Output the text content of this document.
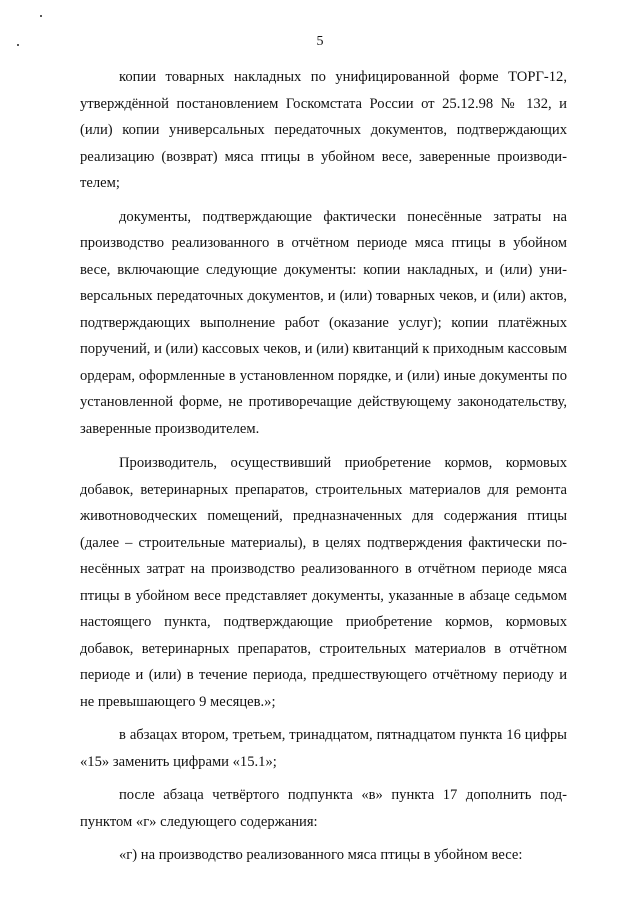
5

копии товарных накладных по унифицированной форме ТОРГ-12, утверждённой постановлением Госкомстата России от 25.12.98 № 132, и (или) копии универсальных передаточных документов, подтверждающих реализацию (возврат) мяса птицы в убойном весе, заверенные производителем;

документы, подтверждающие фактически понесённые затраты на производство реализованного в отчётном периоде мяса птицы в убойном весе, включающие следующие документы: копии накладных, и (или) универсальных передаточных документов, и (или) товарных чеков, и (или) актов, подтверждающих выполнение работ (оказание услуг); копии платёжных поручений, и (или) кассовых чеков, и (или) квитанций к приходным кассовым ордерам, оформленные в установленном порядке, и (или) иные документы по установленной форме, не противоречащие действующему законодательству, заверенные производителем.

Производитель, осуществивший приобретение кормов, кормовых добавок, ветеринарных препаратов, строительных материалов для ремонта животноводческих помещений, предназначенных для содержания птицы (далее – строительные материалы), в целях подтверждения фактически понесённых затрат на производство реализованного в отчётном периоде мяса птицы в убойном весе представляет документы, указанные в абзаце седьмом настоящего пункта, подтверждающие приобретение кормов, кормовых добавок, ветеринарных препаратов, строительных материалов в отчётном периоде и (или) в течение периода, предшествующего отчётному периоду и не превышающего 9 месяцев.»;

в абзацах втором, третьем, тринадцатом, пятнадцатом пункта 16 цифры «15» заменить цифрами «15.1»;

после абзаца четвёртого подпункта «в» пункта 17 дополнить подпунктом «г» следующего содержания:

«г) на производство реализованного мяса птицы в убойном весе:
